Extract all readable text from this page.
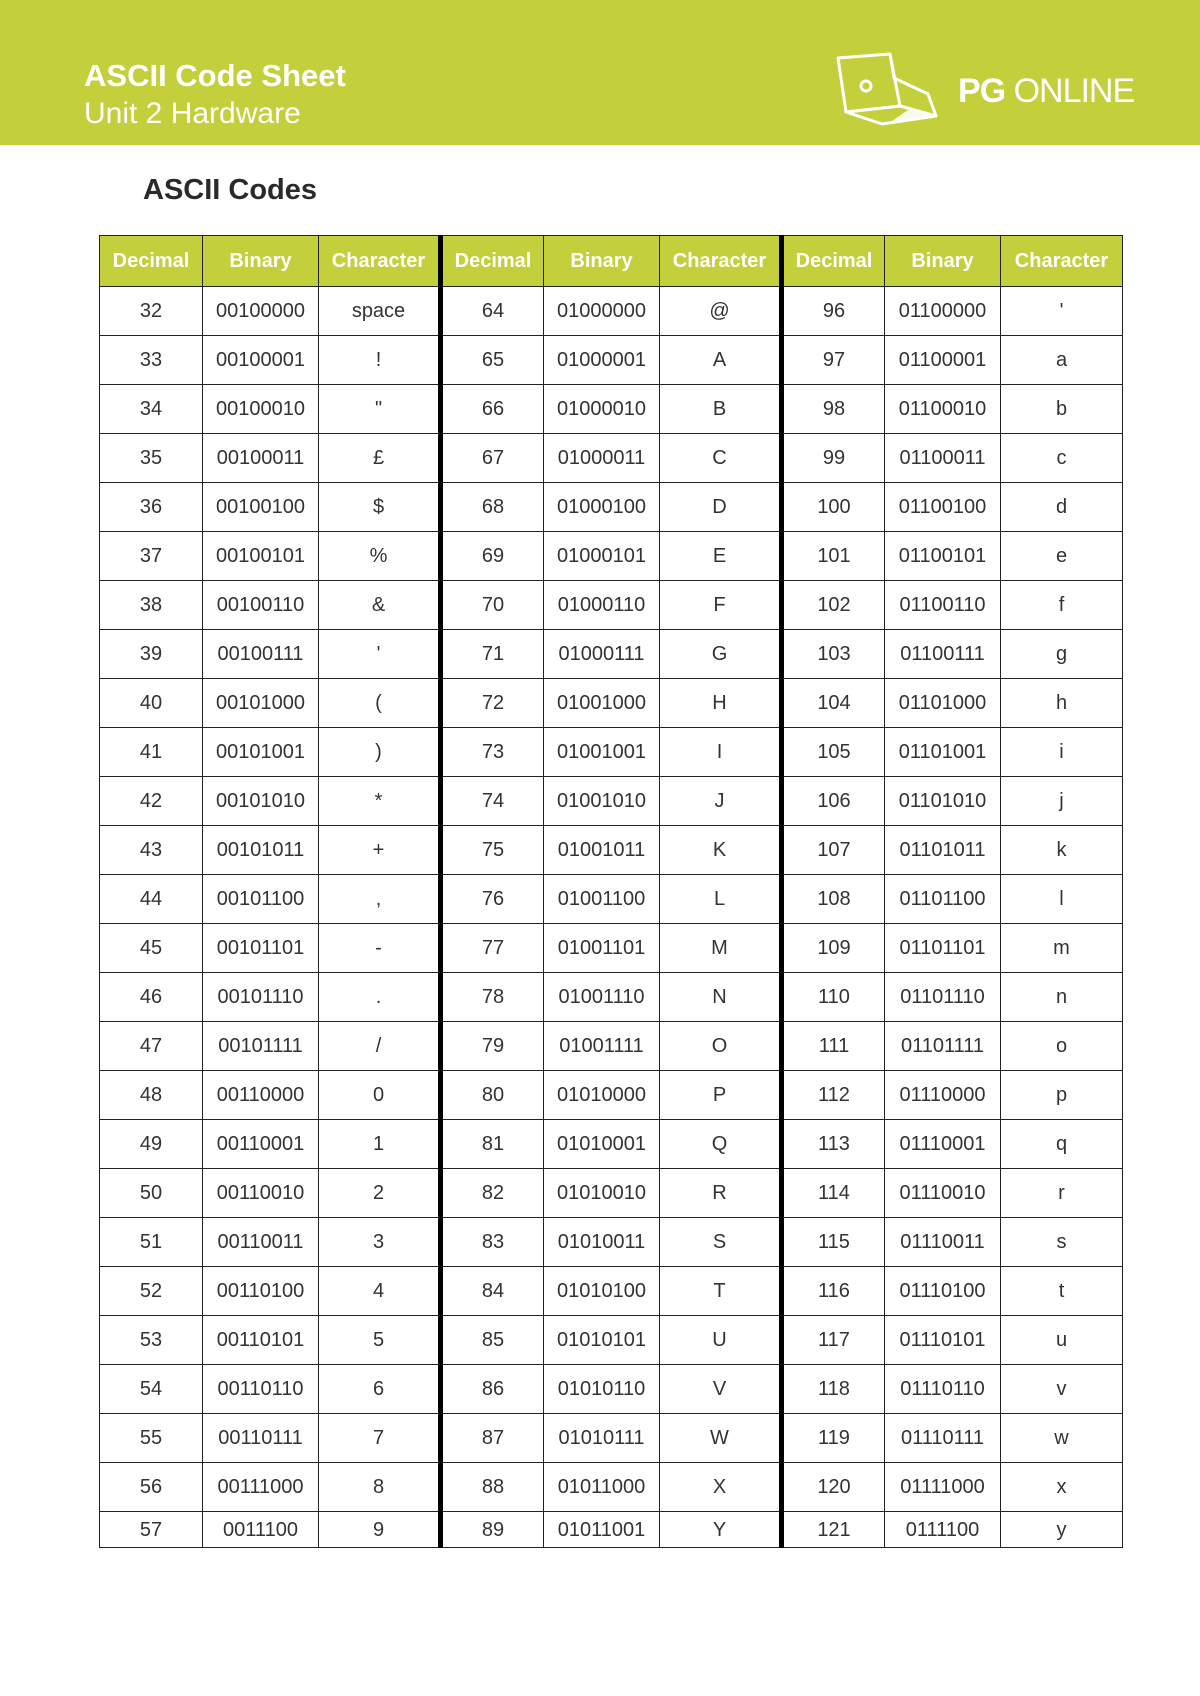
ASCII Code Sheet
Unit 2 Hardware
PG ONLINE
ASCII Codes
Decimal	Binary	Character	Decimal	Binary	Character	Decimal	Binary	Character
32	00100000	space	64	01000000	@	96	01100000	'
33	00100001	!	65	01000001	A	97	01100001	a
34	00100010	"	66	01000010	B	98	01100010	b
35	00100011	£	67	01000011	C	99	01100011	c
36	00100100	$	68	01000100	D	100	01100100	d
37	00100101	%	69	01000101	E	101	01100101	e
38	00100110	&	70	01000110	F	102	01100110	f
39	00100111	'	71	01000111	G	103	01100111	g
40	00101000	(	72	01001000	H	104	01101000	h
41	00101001	)	73	01001001	I	105	01101001	i
42	00101010	*	74	01001010	J	106	01101010	j
43	00101011	+	75	01001011	K	107	01101011	k
44	00101100	,	76	01001100	L	108	01101100	l
45	00101101	-	77	01001101	M	109	01101101	m
46	00101110	.	78	01001110	N	110	01101110	n
47	00101111	/	79	01001111	O	111	01101111	o
48	00110000	0	80	01010000	P	112	01110000	p
49	00110001	1	81	01010001	Q	113	01110001	q
50	00110010	2	82	01010010	R	114	01110010	r
51	00110011	3	83	01010011	S	115	01110011	s
52	00110100	4	84	01010100	T	116	01110100	t
53	00110101	5	85	01010101	U	117	01110101	u
54	00110110	6	86	01010110	V	118	01110110	v
55	00110111	7	87	01010111	W	119	01110111	w
56	00111000	8	88	01011000	X	120	01111000	x
57	0011100	9	89	01011001	Y	121	0111100	y
